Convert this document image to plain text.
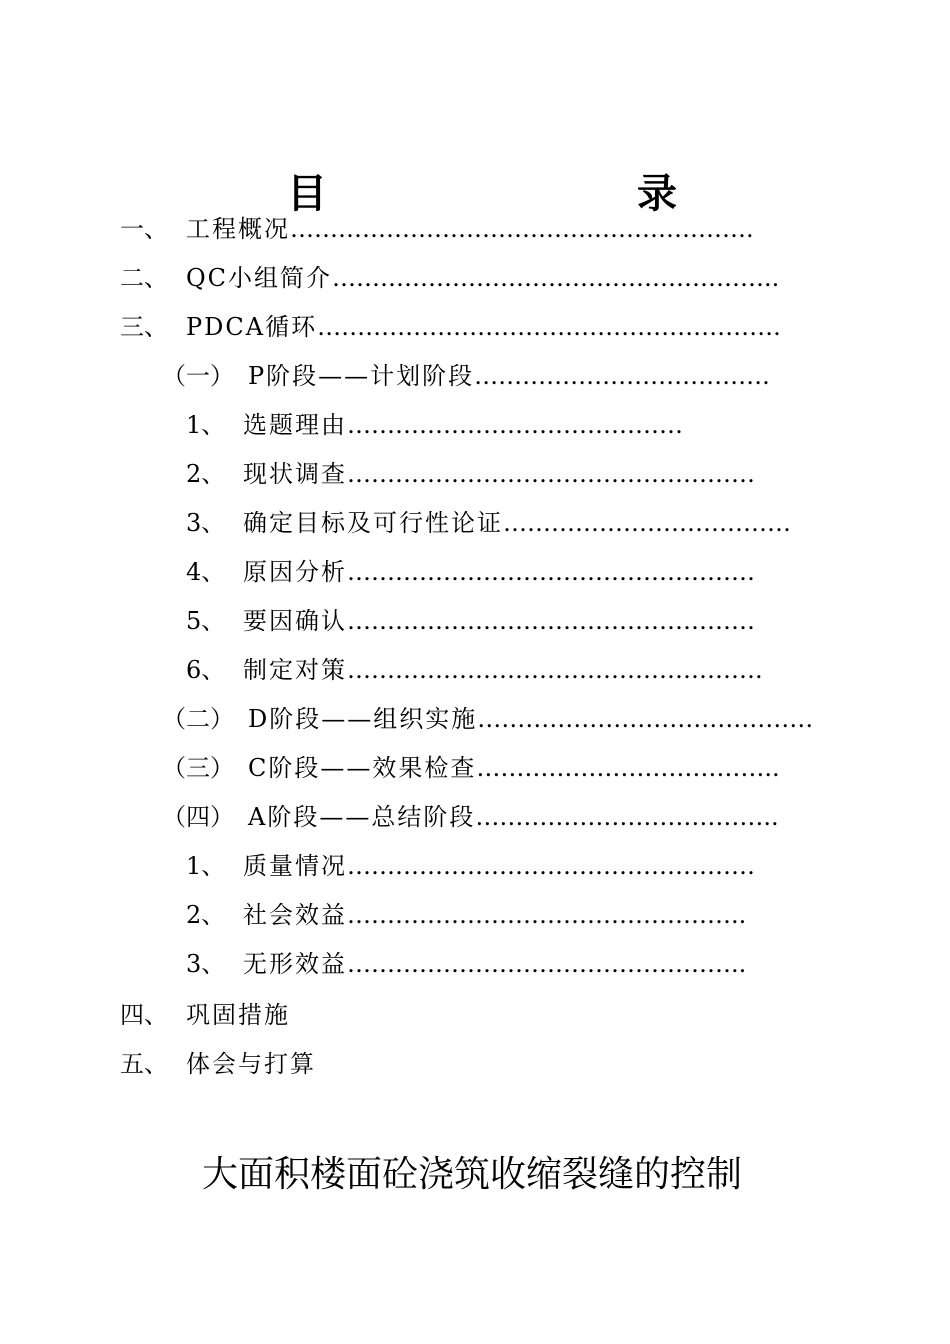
目	录
一、 工程概况………………………………………………….
二、 QC小组简介………………………………………………..
三、 PDCA循环………………………………………………….
（一） P阶段——计划阶段……………………………….
1、 选题理由……………………………………
2、 现状调查……………………………………………
3、 确定目标及可行性论证………………………………
4、 原因分析……………………………………………
5、 要因确认……………………………………………
6、 制定对策…………………………………………….
（二） D阶段——组织实施……………………………………
（三） C阶段——效果检查………………………………..
（四） A阶段——总结阶段………………………………..
1、 质量情况……………………………………………
2、 社会效益…………………………………………..
3、 无形效益…………………………………………..
四、 巩固措施
五、 体会与打算
大面积楼面砼浇筑收缩裂缝的控制
